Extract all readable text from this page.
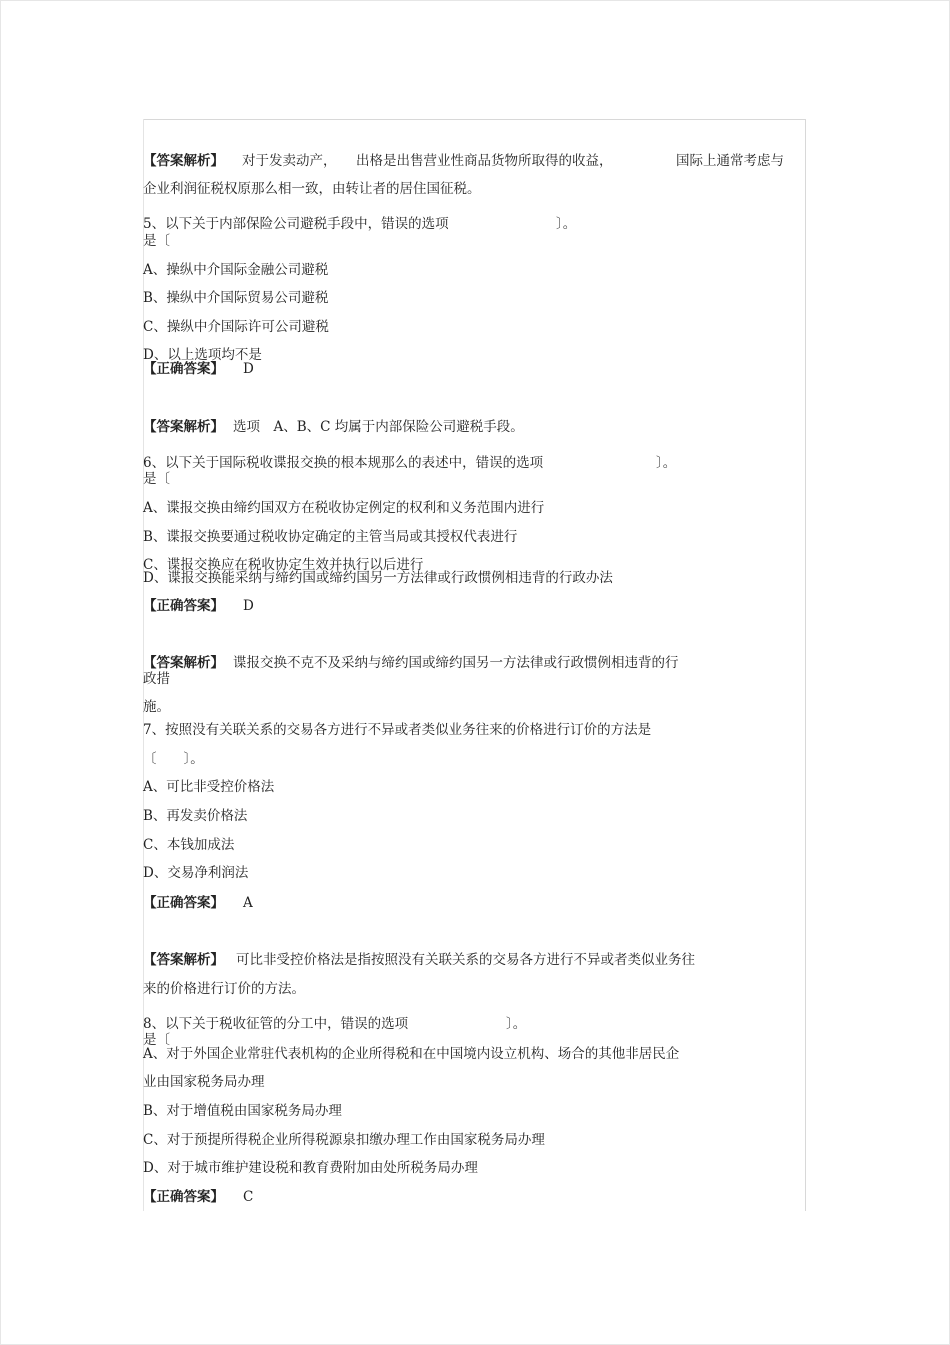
【答案解析】 对于发卖动产， 出格是出售营业性商品货物所取得的收益，	国际上通常考虑与
企业利润征税权原那么相一致，由转让者的居住国征税。
5、以下关于内部保险公司避税手段中，错误的选项	〕。
是〔
A、操纵中介国际金融公司避税
B、操纵中介国际贸易公司避税
C、操纵中介国际许可公司避税
D、以上选项均不是
【正确答案】 D
【答案解析】 选项　A、B、C 均属于内部保险公司避税手段。
6、以下关于国际税收谍报交换的根本规那么的表述中，错误的选项	〕。
是〔
A、谍报交换由缔约国双方在税收协定例定的权利和义务范围内进行
B、谍报交换要通过税收协定确定的主管当局或其授权代表进行
C、谍报交换应在税收协定生效并执行以后进行
D、谍报交换能采纳与缔约国或缔约国另一方法律或行政惯例相违背的行政办法
【正确答案】 D
【答案解析】 谍报交换不克不及采纳与缔约国或缔约国另一方法律或行政惯例相违背的行
政措
施。
7、按照没有关联关系的交易各方进行不异或者类似业务往来的价格进行订价的方法是
〔　　〕。
A、可比非受控价格法
B、再发卖价格法
C、本钱加成法
D、交易净利润法
【正确答案】 A
【答案解析】 可比非受控价格法是指按照没有关联关系的交易各方进行不异或者类似业务往
来的价格进行订价的方法。
8、以下关于税收征管的分工中，错误的选项	〕。
是〔
A、对于外国企业常驻代表机构的企业所得税和在中国境内设立机构、场合的其他非居民企
业由国家税务局办理
B、对于增值税由国家税务局办理
C、对于预提所得税企业所得税源泉扣缴办理工作由国家税务局办理
D、对于城市维护建设税和教育费附加由处所税务局办理
【正确答案】 C
